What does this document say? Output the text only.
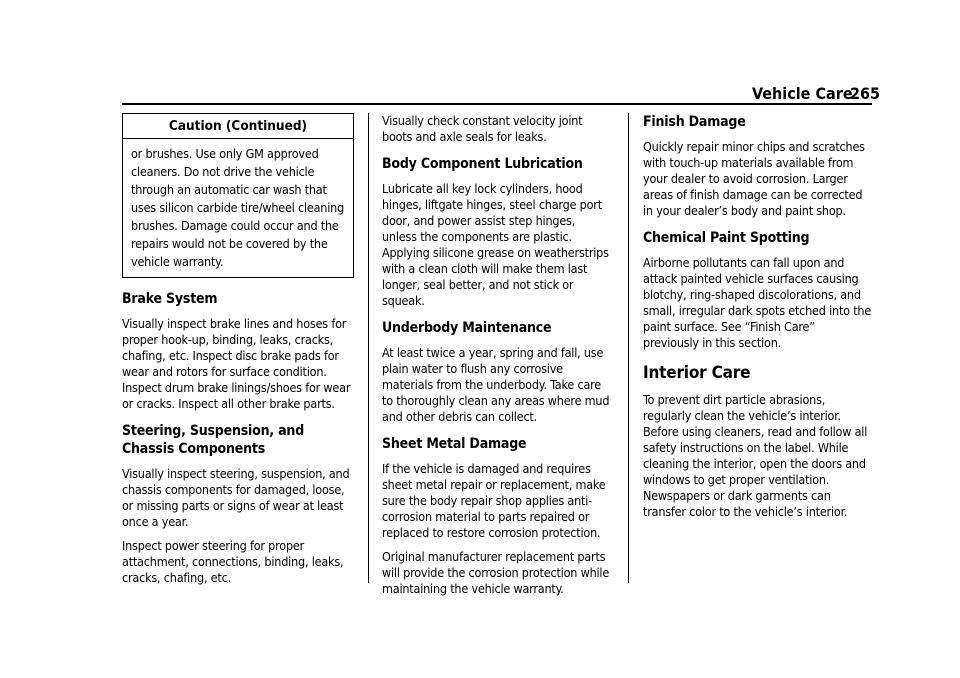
Vehicle Care
265
Caution (Continued)
or brushes. Use only GM approved cleaners. Do not drive the vehicle through an automatic car wash that uses silicon carbide tire/wheel cleaning brushes. Damage could occur and the repairs would not be covered by the vehicle warranty.
Brake System

Visually inspect brake lines and hoses for proper hook-up, binding, leaks, cracks, chafing, etc. Inspect disc brake pads for wear and rotors for surface condition. Inspect drum brake linings/shoes for wear or cracks. Inspect all other brake parts.

Steering, Suspension, and Chassis Components

Visually inspect steering, suspension, and chassis components for damaged, loose, or missing parts or signs of wear at least once a year.

Inspect power steering for proper attachment, connections, binding, leaks, cracks, chafing, etc.

Visually check constant velocity joint boots and axle seals for leaks.

Body Component Lubrication

Lubricate all key lock cylinders, hood hinges, liftgate hinges, steel charge port door, and power assist step hinges, unless the components are plastic. Applying silicone grease on weatherstrips with a clean cloth will make them last longer, seal better, and not stick or squeak.

Underbody Maintenance

At least twice a year, spring and fall, use plain water to flush any corrosive materials from the underbody. Take care to thoroughly clean any areas where mud and other debris can collect.

Sheet Metal Damage

If the vehicle is damaged and requires sheet metal repair or replacement, make sure the body repair shop applies anti-corrosion material to parts repaired or replaced to restore corrosion protection.

Original manufacturer replacement parts will provide the corrosion protection while maintaining the vehicle warranty.

Finish Damage

Quickly repair minor chips and scratches with touch-up materials available from your dealer to avoid corrosion. Larger areas of finish damage can be corrected in your dealer’s body and paint shop.

Chemical Paint Spotting

Airborne pollutants can fall upon and attack painted vehicle surfaces causing blotchy, ring-shaped discolorations, and small, irregular dark spots etched into the paint surface. See “Finish Care” previously in this section.

Interior Care

To prevent dirt particle abrasions, regularly clean the vehicle’s interior. Before using cleaners, read and follow all safety instructions on the label. While cleaning the interior, open the doors and windows to get proper ventilation. Newspapers or dark garments can transfer color to the vehicle’s interior.
